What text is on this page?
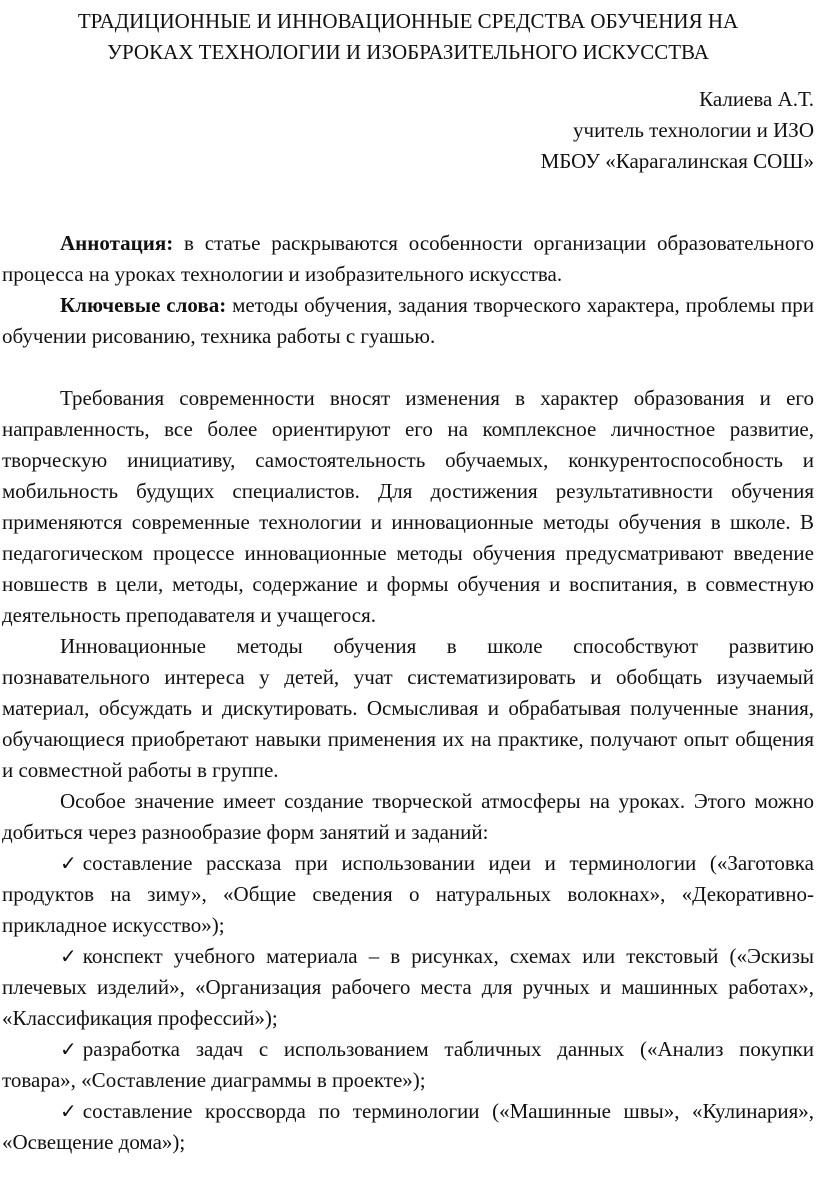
ТРАДИЦИОННЫЕ И ИННОВАЦИОННЫЕ СРЕДСТВА ОБУЧЕНИЯ НА
УРОКАХ ТЕХНОЛОГИИ И ИЗОБРАЗИТЕЛЬНОГО ИСКУССТВА
Калиева А.Т.
учитель технологии и ИЗО
МБОУ «Карагалинская СОШ»

Аннотация: в статье раскрываются особенности организации образовательного процесса на уроках технологии и изобразительного искусства.

Ключевые слова: методы обучения, задания творческого характера, проблемы при обучении рисованию, техника работы с гуашью.

Требования современности вносят изменения в характер образования и его направленность, все более ориентируют его на комплексное личностное развитие, творческую инициативу, самостоятельность обучаемых, конкурентоспособность и мобильность будущих специалистов. Для достижения результативности обучения применяются современные технологии и инновационные методы обучения в школе. В педагогическом процессе инновационные методы обучения предусматривают введение новшеств в цели, методы, содержание и формы обучения и воспитания, в совместную деятельность преподавателя и учащегося.

Инновационные методы обучения в школе способствуют развитию познавательного интереса у детей, учат систематизировать и обобщать изучаемый материал, обсуждать и дискутировать. Осмысливая и обрабатывая полученные знания, обучающиеся приобретают навыки применения их на практике, получают опыт общения и совместной работы в группе.

Особое значение имеет создание творческой атмосферы на уроках. Этого можно добиться через разнообразие форм занятий и заданий:

✓ составление рассказа при использовании идеи и терминологии («Заготовка продуктов на зиму», «Общие сведения о натуральных волокнах», «Декоративно-прикладное искусство»);

✓ конспект учебного материала – в рисунках, схемах или текстовый («Эскизы плечевых изделий», «Организация рабочего места для ручных и машинных работах», «Классификация профессий»);

✓ разработка задач с использованием табличных данных («Анализ покупки товара», «Составление диаграммы в проекте»);

✓ составление кроссворда по терминологии («Машинные швы», «Кулинария», «Освещение дома»);
